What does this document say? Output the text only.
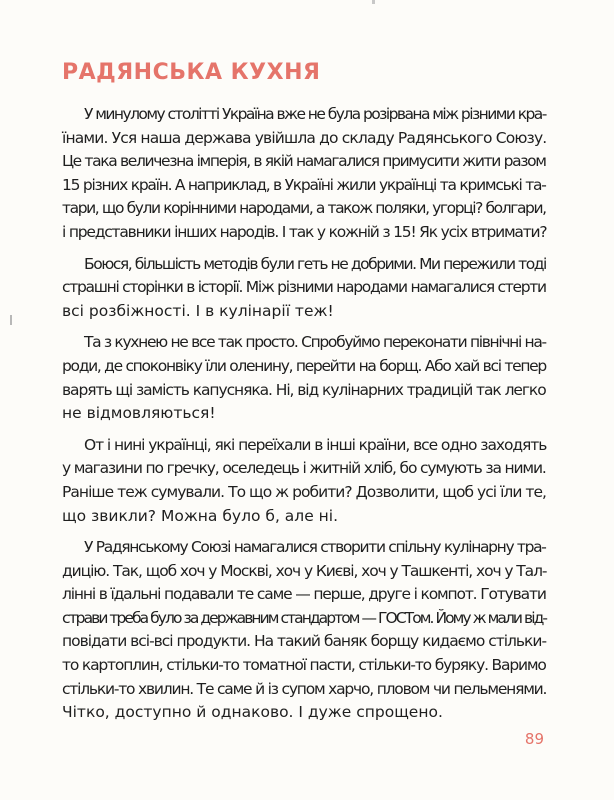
РАДЯНСЬКА КУХНЯ

У минулому столітті Україна вже не була розірвана між різними кра-
їнами. Уся наша держава увійшла до складу Радянського Союзу.
Це така величезна імперія, в якій намагалися примусити жити разом
15 різних країн. А наприклад, в Україні жили українці та кримські та-
тари, що були корінними народами, а також поляки, угорці? болгари,
і представники інших народів. І так у кожній з 15! Як усіх втримати?

Боюся, більшість методів були геть не добрими. Ми пережили тоді
страшні сторінки в історії. Між різними народами намагалися стерти
всі розбіжності. І в кулінарії теж!

Та з кухнею не все так просто. Спробуймо переконати північні на-
роди, де споконвіку їли оленину, перейти на борщ. Або хай всі тепер
варять щі замість капусняка. Ні, від кулінарних традицій так легко
не відмовляються!

От і нині українці, які переїхали в інші країни, все одно заходять
у магазини по гречку, оселедець і житній хліб, бо сумують за ними.
Раніше теж сумували. То що ж робити? Дозволити, щоб усі їли те,
що звикли? Можна було б, але ні.

У Радянському Союзі намагалися створити спільну кулінарну тра-
дицію. Так, щоб хоч у Москві, хоч у Києві, хоч у Ташкенті, хоч у Тал-
лінні в їдальні подавали те саме — перше, друге і компот. Готувати
страви треба було за державним стандартом — ГОСТом. Йому ж мали від-
повідати всі-всі продукти. На такий баняк борщу кидаємо стільки-
то картоплин, стільки-то томатної пасти, стільки-то буряку. Варимо
стільки-то хвилин. Те саме й із супом харчо, пловом чи пельменями.
Чітко, доступно й однаково. І дуже спрощено.

89
